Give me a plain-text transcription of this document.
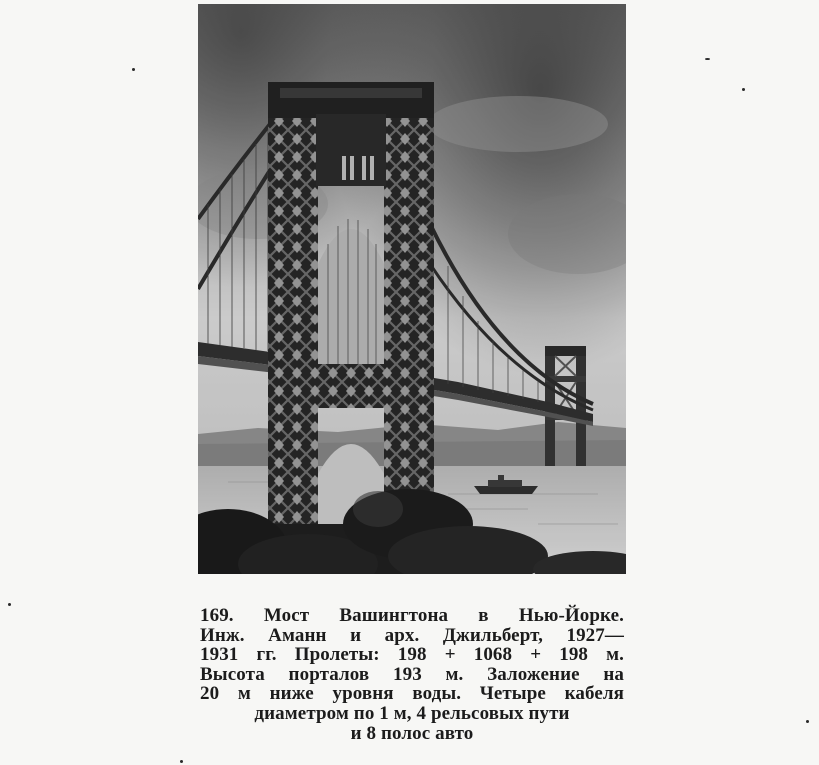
169. Мост Вашингтона в Нью-Йорке.
Инж. Аманн и арх. Джильберт, 1927—
1931 гг. Пролеты: 198 + 1068 + 198 м.
Высота порталов 193 м. Заложение на
20 м ниже уровня воды. Четыре кабеля
диаметром по 1 м, 4 рельсовых пути
и 8 полос авто
